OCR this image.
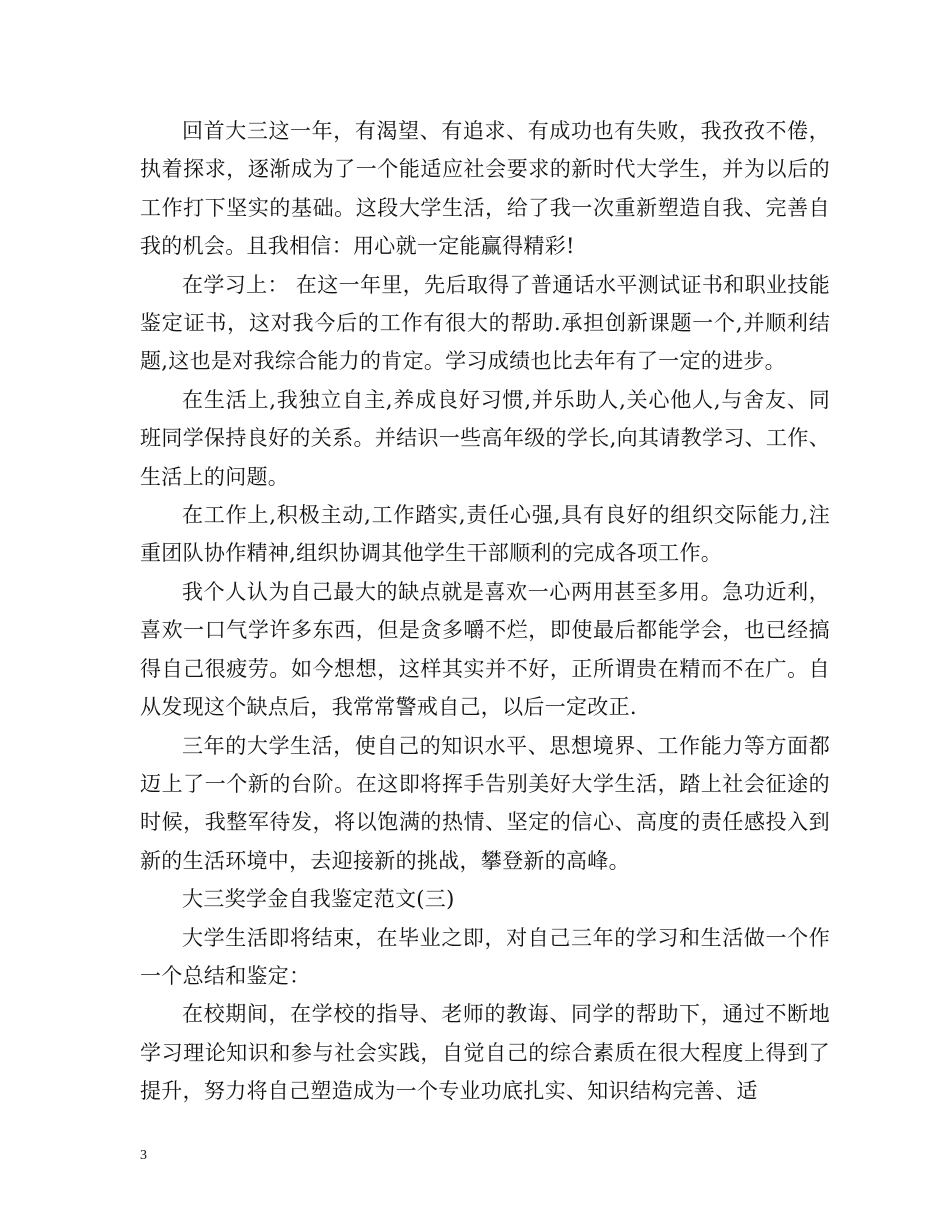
回首大三这一年，有渴望、有追求、有成功也有失败，我孜孜不倦，执着探求，逐渐成为了一个能适应社会要求的新时代大学生，并为以后的工作打下坚实的基础。这段大学生活，给了我一次重新塑造自我、完善自我的机会。且我相信：用心就一定能赢得精彩!

在学习上： 在这一年里，先后取得了普通话水平测试证书和职业技能鉴定证书，这对我今后的工作有很大的帮助.承担创新课题一个,并顺利结题,这也是对我综合能力的肯定。学习成绩也比去年有了一定的进步。

在生活上,我独立自主,养成良好习惯,并乐助人,关心他人,与舍友、同班同学保持良好的关系。并结识一些高年级的学长,向其请教学习、工作、生活上的问题。

在工作上,积极主动,工作踏实,责任心强,具有良好的组织交际能力,注重团队协作精神,组织协调其他学生干部顺利的完成各项工作。

我个人认为自己最大的缺点就是喜欢一心两用甚至多用。急功近利，喜欢一口气学许多东西，但是贪多嚼不烂，即使最后都能学会，也已经搞得自己很疲劳。如今想想，这样其实并不好，正所谓贵在精而不在广。自从发现这个缺点后，我常常警戒自己，以后一定改正.

三年的大学生活，使自己的知识水平、思想境界、工作能力等方面都迈上了一个新的台阶。在这即将挥手告别美好大学生活，踏上社会征途的时候，我整军待发，将以饱满的热情、坚定的信心、高度的责任感投入到新的生活环境中，去迎接新的挑战，攀登新的高峰。

大三奖学金自我鉴定范文(三)

大学生活即将结束，在毕业之即，对自己三年的学习和生活做一个作一个总结和鉴定：

在校期间，在学校的指导、老师的教诲、同学的帮助下，通过不断地学习理论知识和参与社会实践，自觉自己的综合素质在很大程度上得到了提升，努力将自己塑造成为一个专业功底扎实、知识结构完善、适

3
